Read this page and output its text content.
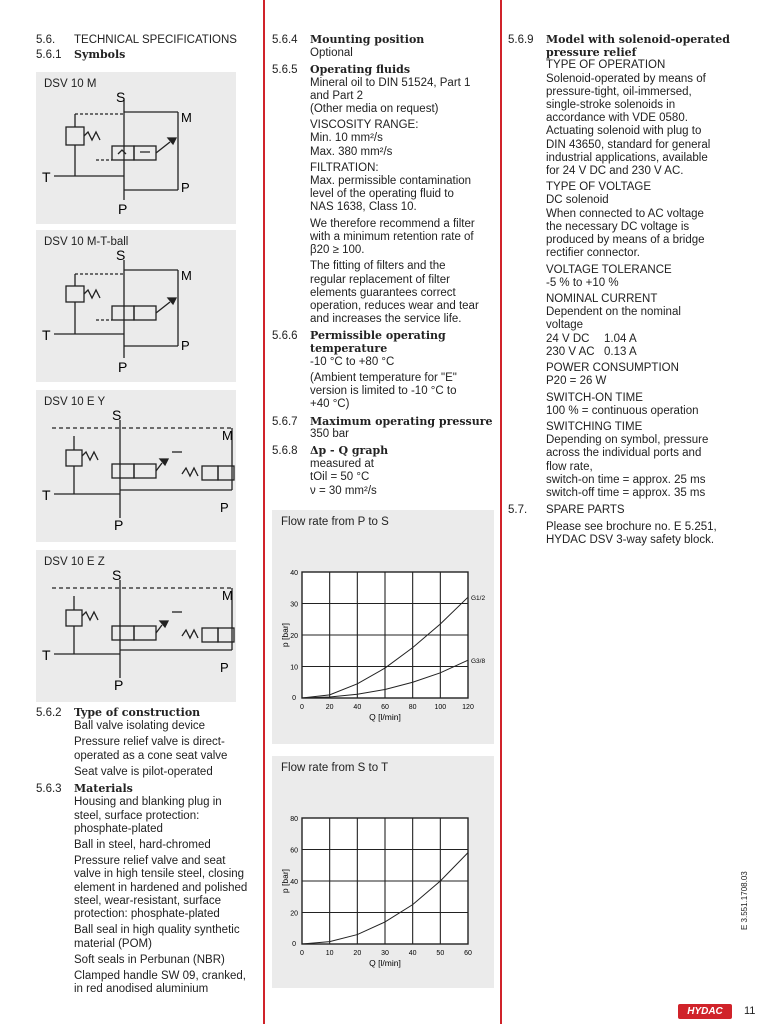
5.6. TECHNICAL SPECIFICATIONS
5.6.1 Symbols
DSV 10 M
S
M
T
P
P
DSV 10 M-T-ball
S
M
T
P
P
DSV 10 E Y
S
M
T
P
P
DSV 10 E Z
S
M
T
P
P
5.6.2 Type of construction
Ball valve isolating device
Pressure relief valve is direct-
operated as a cone seat valve
Seat valve is pilot-operated
5.6.3 Materials
Housing and blanking plug in
steel, surface protection:
phosphate-plated
Ball in steel, hard-chromed
Pressure relief valve and seat
valve in high tensile steel, closing
element in hardened and polished
steel, wear-resistant, surface
protection: phosphate-plated
Ball seal in high quality synthetic
material (POM)
Soft seals in Perbunan (NBR)
Clamped handle SW 09, cranked,
in red anodised aluminium
5.6.4 Mounting position
Optional
5.6.5 Operating fluids
Mineral oil to DIN 51524, Part 1
and Part 2
(Other media on request)
VISCOSITY RANGE:
Min. 10 mm²/s
Max. 380 mm²/s
FILTRATION:
Max. permissible contamination
level of the operating fluid to
NAS 1638, Class 10.
We therefore recommend a filter
with a minimum retention rate of
β20 ≥ 100.
The fitting of filters and the
regular replacement of filter
elements guarantees correct
operation, reduces wear and tear
and increases the service life.
5.6.6 Permissible operating
temperature
-10 °C to +80 °C
(Ambient temperature for "E"
version is limited to -10 °C to
+40 °C)
5.6.7 Maximum operating pressure
350 bar
5.6.8 Δp - Q graph
measured at
tOil = 50 °C
ν = 30 mm²/s
Flow rate from P to S
0	20	40	60	80	100 120
0
10
20
30
40
Q [l/min]
p [bar]
G1/2
G3/8
Flow rate from S to T
0	10	20	30	40	50	60
0
20
40
60
80
Q [l/min]
p [bar]
5.6.9 Model with solenoid-operated
pressure relief
TYPE OF OPERATION
Solenoid-operated by means of
pressure-tight, oil-immersed,
single-stroke solenoids in
accordance with VDE 0580.
Actuating solenoid with plug to
DIN 43650, standard for general
industrial applications, available
for 24 V DC and 230 V AC.
TYPE OF VOLTAGE
DC solenoid
When connected to AC voltage
the necessary DC voltage is
produced by means of a bridge
rectifier connector.
VOLTAGE TOLERANCE
-5 % to +10 %
NOMINAL CURRENT
Dependent on the nominal
voltage
24 V DC 1.04 A
230 V AC 0.13 A
POWER CONSUMPTION
P20 = 26 W
SWITCH-ON TIME
100 % = continuous operation
SWITCHING TIME
Depending on symbol, pressure
across the individual ports and
flow rate,
switch-on time = approx. 25 ms
switch-off time = approx. 35 ms
5.7. SPARE PARTS
Please see brochure no. E 5.251,
HYDAC DSV 3-way safety block.
E 3.551.1708.03
HYDAC	11
